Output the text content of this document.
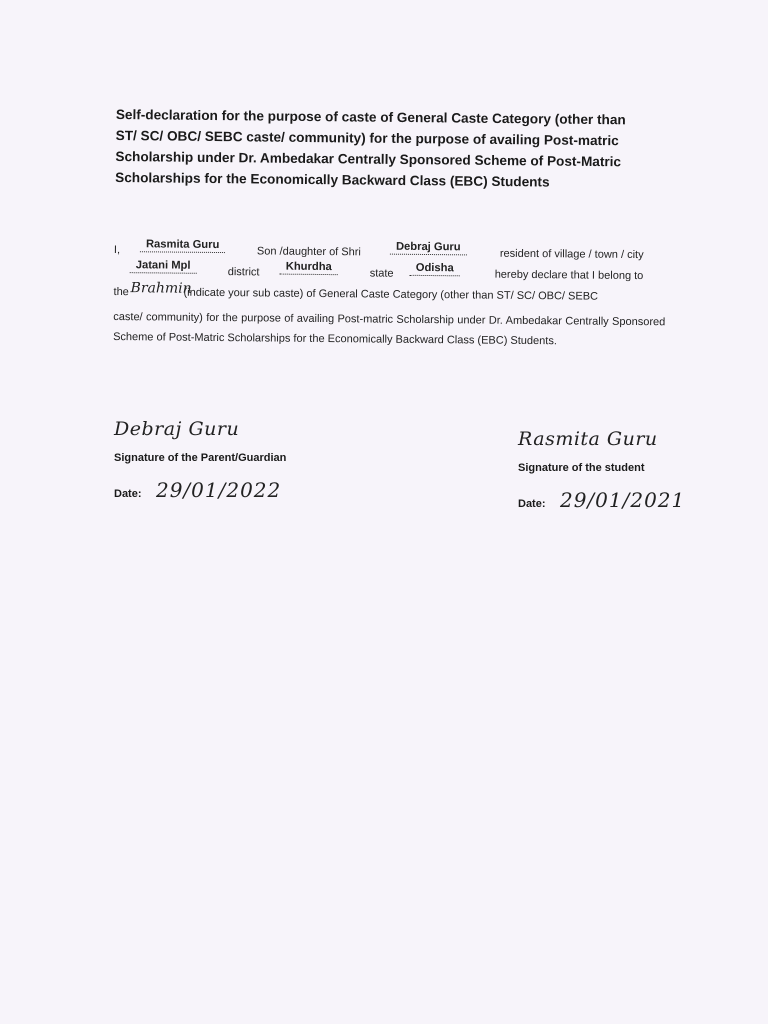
Self-declaration for the purpose of caste of General Caste Category (other than
ST/ SC/ OBC/ SEBC caste/ community) for the purpose of availing Post-matric
Scholarship under Dr. Ambedakar Centrally Sponsored Scheme of Post-Matric
Scholarships for the Economically Backward Class (EBC) Students
I,	Rasmita Guru
Son /daughter of Shri	Debraj Guru
resident of village / town / city
Jatani Mpl
district	Khurdha
state	Odisha
hereby declare that I belong to
the Brahmin
(indicate your sub caste) of General Caste Category (other than ST/ SC/ OBC/ SEBC
caste/ community) for the purpose of availing Post-matric Scholarship under Dr. Ambedakar Centrally Sponsored Scheme of Post-Matric Scholarships for the Economically Backward Class (EBC) Students.
Debraj Guru
Signature of the Parent/Guardian
Date: 29/01/2022
Rasmita Guru
Signature of the student
Date: 29/01/2021
